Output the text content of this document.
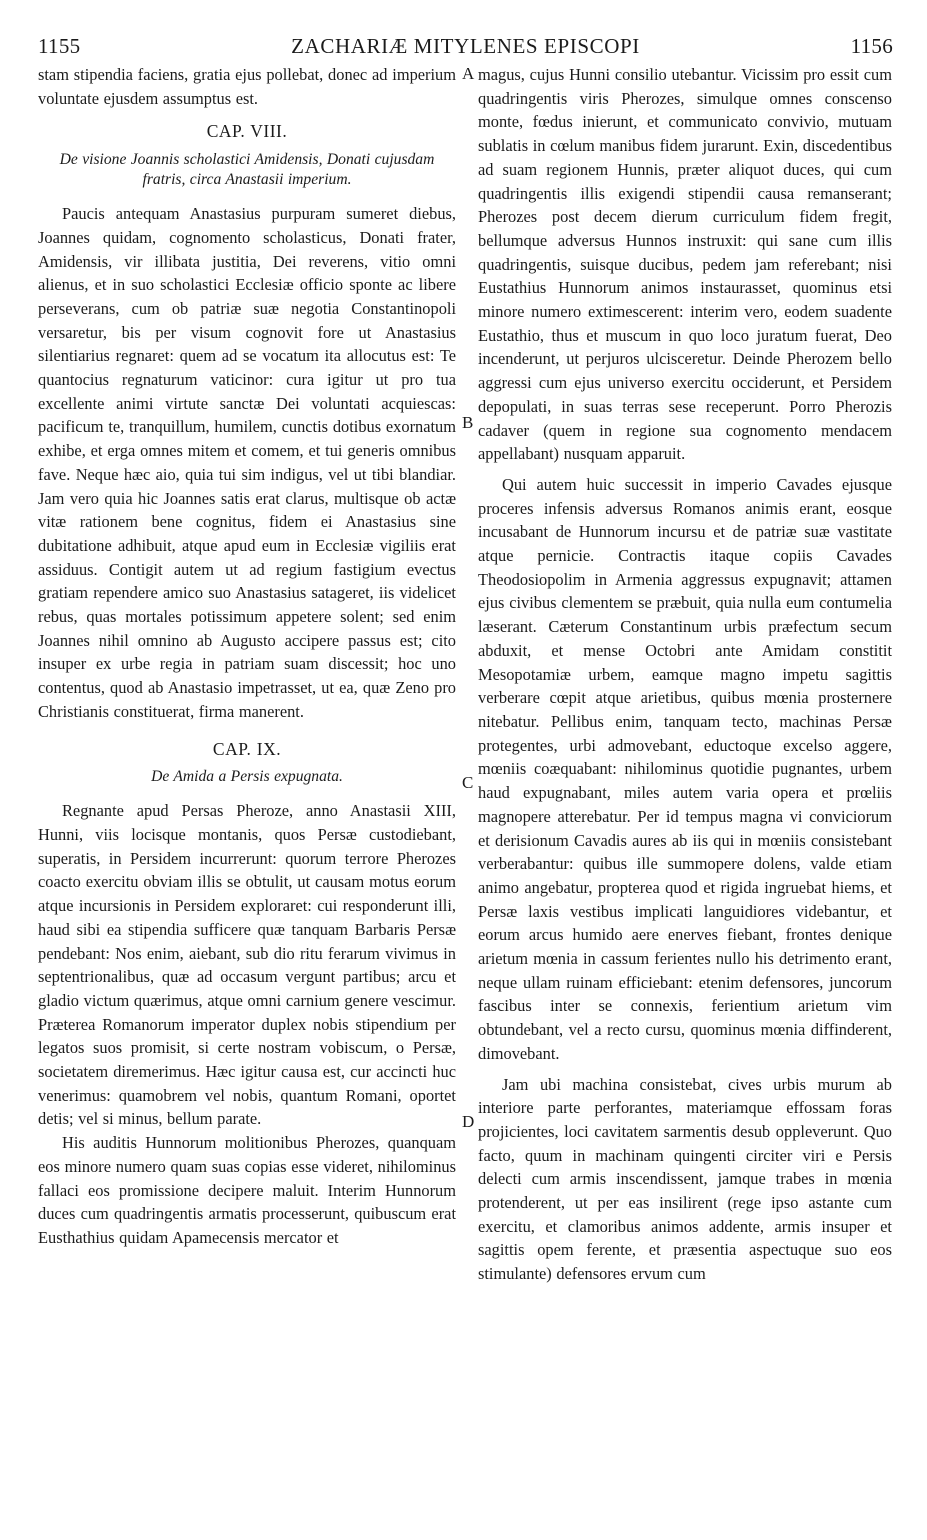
1155	ZACHARIÆ MITYLENES EPISCOPI	1156

stam stipendia faciens, gratia ejus pollebat, donec ad imperium voluntate ejusdem assumptus est.

CAP. VIII.
De visione Joannis scholastici Amidensis, Donati cujusdam fratris, circa Anastasii imperium.

Paucis antequam Anastasius purpuram sumeret diebus, Joannes quidam, cognomento scholasticus, Donati frater, Amidensis, vir illibata justitia, Dei reverens, vitio omni alienus, et in suo scholastici Ecclesiæ officio sponte ac libere perseverans, cum ob patriæ suæ negotia Constantinopoli versaretur, bis per visum cognovit fore ut Anastasius silentiarius regnaret: quem ad se vocatum ita allocutus est: Te quantocius regnaturum vaticinor: cura igitur ut pro tua excellente animi virtute sanctæ Dei voluntati acquiescas: pacificum te, tranquillum, humilem, cunctis dotibus exornatum exhibe, et erga omnes mitem et comem, et tui generis omnibus fave. Neque hæc aio, quia tui sim indigus, vel ut tibi blandiar. Jam vero quia hic Joannes satis erat clarus, multisque ob actæ vitæ rationem bene cognitus, fidem ei Anastasius sine dubitatione adhibuit, atque apud eum in Ecclesiæ vigiliis erat assiduus. Contigit autem ut ad regium fastigium evectus gratiam rependere amico suo Anastasius satageret, iis videlicet rebus, quas mortales potissimum appetere solent; sed enim Joannes nihil omnino ab Augusto accipere passus est; cito insuper ex urbe regia in patriam suam discessit; hoc uno contentus, quod ab Anastasio impetrasset, ut ea, quæ Zeno pro Christianis constituerat, firma manerent.

CAP. IX.
De Amida a Persis expugnata.

Regnante apud Persas Pheroze, anno Anastasii XIII, Hunni, viis locisque montanis, quos Persæ custodiebant, superatis, in Persidem incurrerunt: quorum terrore Pherozes coacto exercitu obviam illis se obtulit, ut causam motus eorum atque incursionis in Persidem exploraret: cui responderunt illi, haud sibi ea stipendia sufficere quæ tanquam Barbaris Persæ pendebant: Nos enim, aiebant, sub dio ritu ferarum vivimus in septentrionalibus, quæ ad occasum vergunt partibus; arcu et gladio victum quærimus, atque omni carnium genere vescimur. Præterea Romanorum imperator duplex nobis stipendium per legatos suos promisit, si certe nostram vobiscum, o Persæ, societatem diremerimus. Hæc igitur causa est, cur accincti huc venerimus: quamobrem vel nobis, quantum Romani, oportet detis; vel si minus, bellum parate.

His auditis Hunnorum molitionibus Pherozes, quanquam eos minore numero quam suas copias esse videret, nihilominus fallaci eos promissione decipere maluit. Interim Hunnorum duces cum quadringentis armatis processerunt, quibuscum erat Eusthathius quidam Apamecensis mercator et

magus, cujus Hunni consilio utebantur. Vicissim pro essit cum quadringentis viris Pherozes, simulque omnes conscenso monte, fœdus inierunt, et communicato convivio, mutuam sublatis in cœlum manibus fidem jurarunt. Exin, discedentibus ad suam regionem Hunnis, præter aliquot duces, qui cum quadringentis illis exigendi stipendii causa remanserant; Pherozes post decem dierum curriculum fidem fregit, bellumque adversus Hunnos instruxit: qui sane cum illis quadringentis, suisque ducibus, pedem jam referebant; nisi Eustathius Hunnorum animos instaurasset, quominus etsi minore numero extimescerent: interim vero, eodem suadente Eustathio, thus et muscum in quo loco juratum fuerat, Deo incenderunt, ut perjuros ulcisceretur. Deinde Pherozem bello aggressi cum ejus universo exercitu occiderunt, et Persidem depopulati, in suas terras sese receperunt. Porro Pherozis cadaver (quem in regione sua cognomento mendacem appellabant) nusquam apparuit.

Qui autem huic successit in imperio Cavades ejusque proceres infensis adversus Romanos animis erant, eosque incusabant de Hunnorum incursu et de patriæ suæ vastitate atque pernicie. Contractis itaque copiis Cavades Theodosiopolim in Armenia aggressus expugnavit; attamen ejus civibus clementem se præbuit, quia nulla eum contumelia læserant. Cæterum Constantinum urbis præfectum secum abduxit, et mense Octobri ante Amidam constitit Mesopotamiæ urbem, eamque magno impetu sagittis verberare cœpit atque arietibus, quibus mœnia prosternere nitebatur. Pellibus enim, tanquam tecto, machinas Persæ protegentes, urbi admovebant, eductoque excelso aggere, mœniis coæquabant: nihilominus quotidie pugnantes, urbem haud expugnabant, miles autem varia opera et prœliis magnopere atterebatur. Per id tempus magna vi conviciorum et derisionum Cavadis aures ab iis qui in mœniis consistebant verberabantur: quibus ille summopere dolens, valde etiam animo angebatur, propterea quod et rigida ingruebat hiems, et Persæ laxis vestibus implicati languidiores videbantur, et eorum arcus humido aere enerves fiebant, frontes denique arietum mœnia in cassum ferientes nullo his detrimento erant, neque ullam ruinam efficiebant: etenim defensores, juncorum fascibus inter se connexis, ferientium arietum vim obtundebant, vel a recto cursu, quominus mœnia diffinderent, dimovebant.

Jam ubi machina consistebat, cives urbis murum ab interiore parte perforantes, materiamque effossam foras projicientes, loci cavitatem sarmentis desub oppleverunt. Quo facto, quum in machinam quingenti circiter viri e Persis delecti cum armis inscendissent, jamque trabes in mœnia protenderent, ut per eas insilirent (rege ipso astante cum exercitu, et clamoribus animos addente, armis insuper et sagittis opem ferente, et præsentia aspectuque suo eos stimulante) defensores ervum cum

A
B
C
D
